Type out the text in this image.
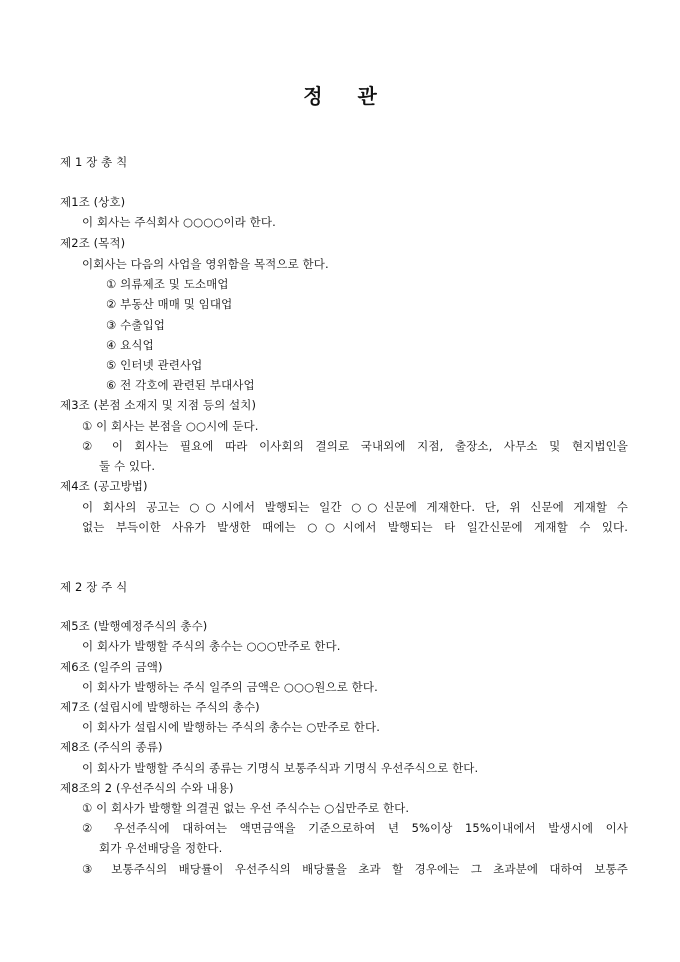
정 관
제 1 장 총 칙
제1조 (상호)
이 회사는 주식회사 ○○○○이라 한다.
제2조 (목적)
이회사는 다음의 사업을 영위함을 목적으로 한다.
① 의류제조 및 도소매업
② 부동산 매매 및 임대업
③ 수출입업
④ 요식업
⑤ 인터넷 관련사업
⑥ 전 각호에 관련된 부대사업
제3조 (본점 소재지 및 지점 등의 설치)
① 이 회사는 본점을 ○○시에 둔다.
② 이 회사는 필요에 따라 이사회의 결의로 국내외에 지점, 출장소, 사무소 및 현지법인을
둘 수 있다.
제4조 (공고방법)
이 회사의 공고는 ○○시에서 발행되는 일간 ○○신문에 게재한다. 단, 위 신문에 게재할 수
없는 부득이한 사유가 발생한 때에는 ○○시에서 발행되는 타 일간신문에 게재할 수 있다.
제 2 장 주 식
제5조 (발행예정주식의 총수)
이 회사가 발행할 주식의 총수는 ○○○만주로 한다.
제6조 (일주의 금액)
이 회사가 발행하는 주식 일주의 금액은 ○○○원으로 한다.
제7조 (설립시에 발행하는 주식의 총수)
이 회사가 설립시에 발행하는 주식의 총수는 ○만주로 한다.
제8조 (주식의 종류)
이 회사가 발행할 주식의 종류는 기명식 보통주식과 기명식 우선주식으로 한다.
제8조의 2 (우선주식의 수와 내용)
① 이 회사가 발행할 의결권 없는 우선 주식수는 ○십만주로 한다.
② 우선주식에 대하여는 액면금액을 기준으로하여 년 5%이상 15%이내에서 발생시에 이사
회가 우선배당을 정한다.
③ 보통주식의 배당률이 우선주식의 배당률을 초과 할 경우에는 그 초과분에 대하여 보통주
